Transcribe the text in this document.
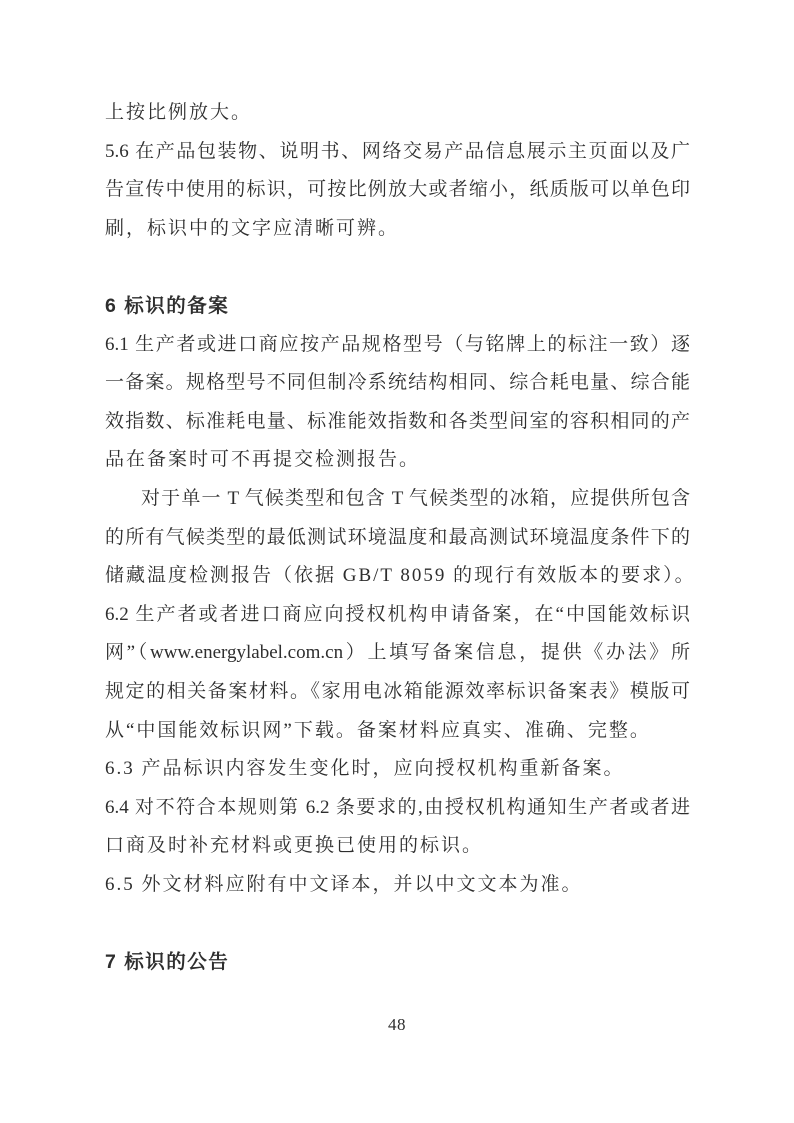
上按比例放大。

5.6 在产品包装物、说明书、网络交易产品信息展示主页面以及广

告宣传中使用的标识，可按比例放大或者缩小，纸质版可以单色印

刷，标识中的文字应清晰可辨。

6 标识的备案

6.1 生产者或进口商应按产品规格型号（与铭牌上的标注一致）逐

一备案。规格型号不同但制冷系统结构相同、综合耗电量、综合能

效指数、标准耗电量、标准能效指数和各类型间室的容积相同的产

品在备案时可不再提交检测报告。

对于单一 T 气候类型和包含 T 气候类型的冰箱，应提供所包含

的所有气候类型的最低测试环境温度和最高测试环境温度条件下的

储藏温度检测报告（依据 GB/T 8059 的现行有效版本的要求）。

6.2 生产者或者进口商应向授权机构申请备案，在“中国能效标识

网”（www.energylabel.com.cn）上填写备案信息，提供《办法》所

规定的相关备案材料。《家用电冰箱能源效率标识备案表》模版可

从“中国能效标识网”下载。备案材料应真实、准确、完整。

6.3 产品标识内容发生变化时，应向授权机构重新备案。

6.4 对不符合本规则第 6.2 条要求的,由授权机构通知生产者或者进

口商及时补充材料或更换已使用的标识。

6.5 外文材料应附有中文译本，并以中文文本为准。

7 标识的公告
48
